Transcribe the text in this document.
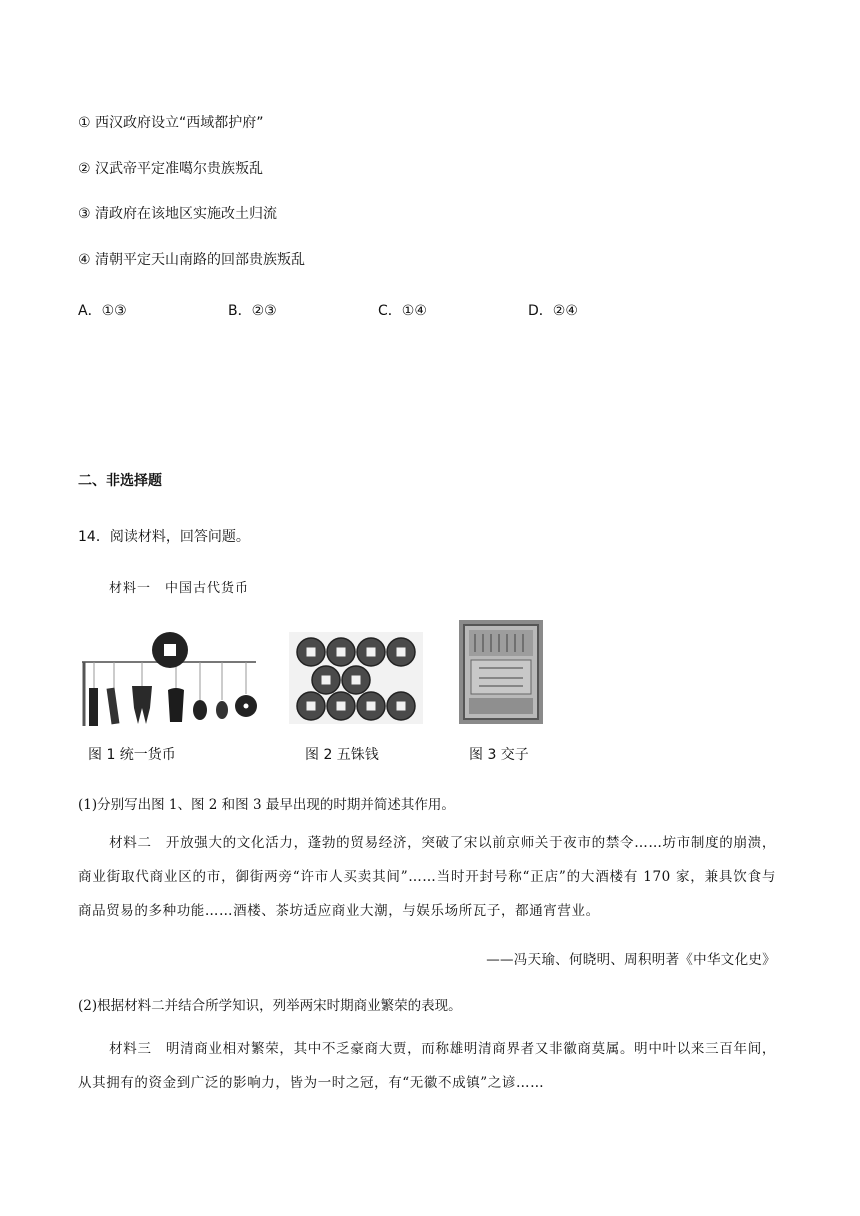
① 西汉政府设立“西域都护府”
② 汉武帝平定准噶尔贵族叛乱
③ 清政府在该地区实施改土归流
④ 清朝平定天山南路的回部贵族叛乱
A．①③	B．②③	C．①④	D．②④
二、非选择题
14．阅读材料，回答问题。
材料一　中国古代货币
图 1 统一货币	图 2 五铢钱	图 3 交子
(1)分别写出图 1、图 2 和图 3 最早出现的时期并简述其作用。
材料二　 开放强大的文化活力，蓬勃的贸易经济，突破了宋以前京师关于夜市的禁令……坊市制度的崩溃，商业街取代商业区的市，御街两旁“许市人买卖其间”……当时开封号称“正店”的大酒楼有 170 家，兼具饮食与商品贸易的多种功能……酒楼、茶坊适应商业大潮，与娱乐场所瓦子，都通宵营业。
——冯天瑜、何晓明、周积明著《中华文化史》
(2)根据材料二并结合所学知识，列举两宋时期商业繁荣的表现。
材料三　 明清商业相对繁荣，其中不乏豪商大贾，而称雄明清商界者又非徽商莫属。明中叶以来三百年间，从其拥有的资金到广泛的影响力，皆为一时之冠，有“无徽不成镇”之谚……
